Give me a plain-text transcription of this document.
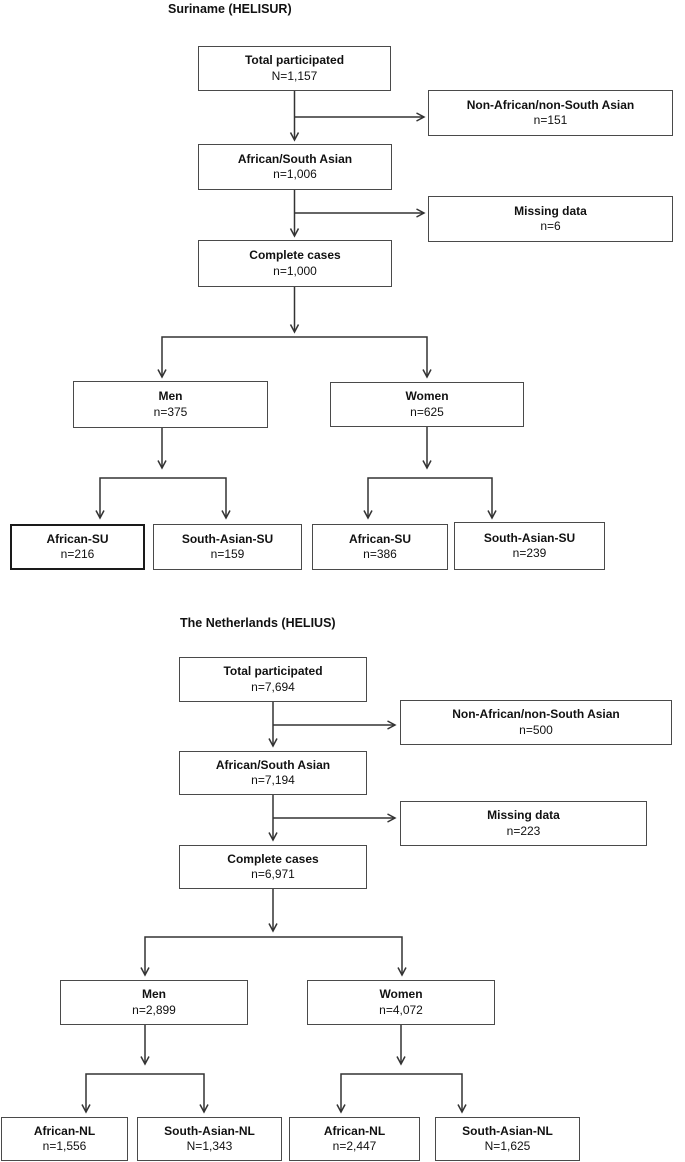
Suriname (HELISUR)
Total participated
N=1,157
Non-African/non-South Asian
n=151
African/South Asian
n=1,006
Missing data
n=6
Complete cases
n=1,000
Men
n=375
Women
n=625
African-SU
n=216
South-Asian-SU
n=159
African-SU
n=386
South-Asian-SU
n=239
The Netherlands (HELIUS)
Total participated
n=7,694
Non-African/non-South Asian
n=500
African/South Asian
n=7,194
Missing data
n=223
Complete cases
n=6,971
Men
n=2,899
Women
n=4,072
African-NL
n=1,556
South-Asian-NL
N=1,343
African-NL
n=2,447
South-Asian-NL
N=1,625
